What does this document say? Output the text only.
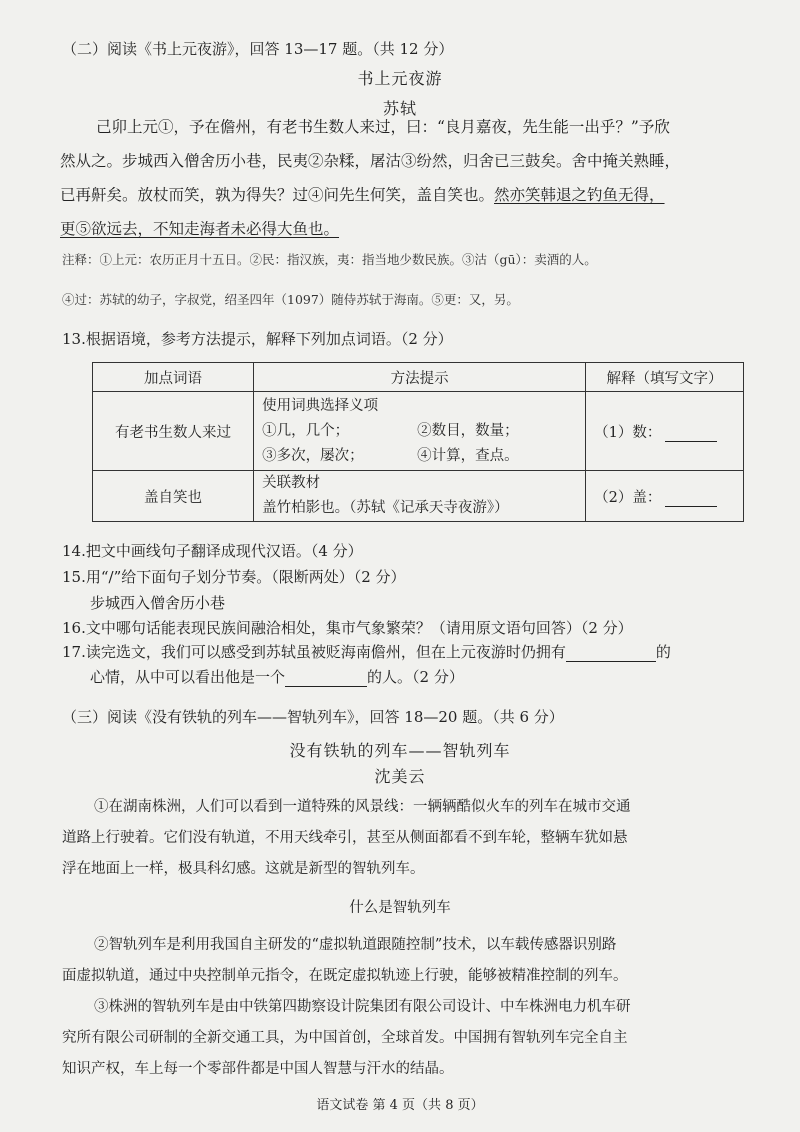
（二）阅读《书上元夜游》，回答 13—17 题。（共 12 分）
书上元夜游
苏轼
己卯上元①，予在儋州，有老书生数人来过，曰：“良月嘉夜，先生能一出乎？”予欣
然从之。步城西入僧舍历小巷，民夷②杂糅，屠沽③纷然，归舍已三鼓矣。舍中掩关熟睡，
已再鼾矣。放杖而笑，孰为得失？过④问先生何笑，盖自笑也。然亦笑韩退之钓鱼无得，
更⑤欲远去，不知走海者未必得大鱼也。
注释：①上元：农历正月十五日。②民：指汉族，夷：指当地少数民族。③沽（gū）：卖酒的人。
④过：苏轼的幼子，字叔党，绍圣四年（1097）随侍苏轼于海南。⑤更：又，另。
13.根据语境，参考方法提示，解释下列加点词语。（2 分）
加点词语	方法提示	解释（填写文字）
有老书生数人来过	使用词典选择义项
①几，几个； ②数目，数量；
③多次，屡次； ④计算，查点。	（1）数：
盖自笑也	关联教材
盖竹柏影也。（苏轼《记承天寺夜游》）	（2）盖：
14.把文中画线句子翻译成现代汉语。（4 分）
15.用“/”给下面句子划分节奏。（限断两处）（2 分）
步城西入僧舍历小巷
16.文中哪句话能表现民族间融洽相处，集市气象繁荣？（请用原文语句回答）（2 分）
17.读完选文，我们可以感受到苏轼虽被贬海南儋州，但在上元夜游时仍拥有	的
心情，从中可以看出他是一个	的人。（2 分）
（三）阅读《没有铁轨的列车——智轨列车》，回答 18—20 题。（共 6 分）
没有铁轨的列车——智轨列车
沈美云
①在湖南株洲，人们可以看到一道特殊的风景线：一辆辆酷似火车的列车在城市交通
道路上行驶着。它们没有轨道，不用天线牵引，甚至从侧面都看不到车轮，整辆车犹如悬
浮在地面上一样，极具科幻感。这就是新型的智轨列车。
什么是智轨列车
②智轨列车是利用我国自主研发的“虚拟轨道跟随控制”技术，以车载传感器识别路
面虚拟轨道，通过中央控制单元指令，在既定虚拟轨迹上行驶，能够被精准控制的列车。
③株洲的智轨列车是由中铁第四勘察设计院集团有限公司设计、中车株洲电力机车研
究所有限公司研制的全新交通工具，为中国首创，全球首发。中国拥有智轨列车完全自主
知识产权，车上每一个零部件都是中国人智慧与汗水的结晶。
语文试卷 第 4 页（共 8 页）
